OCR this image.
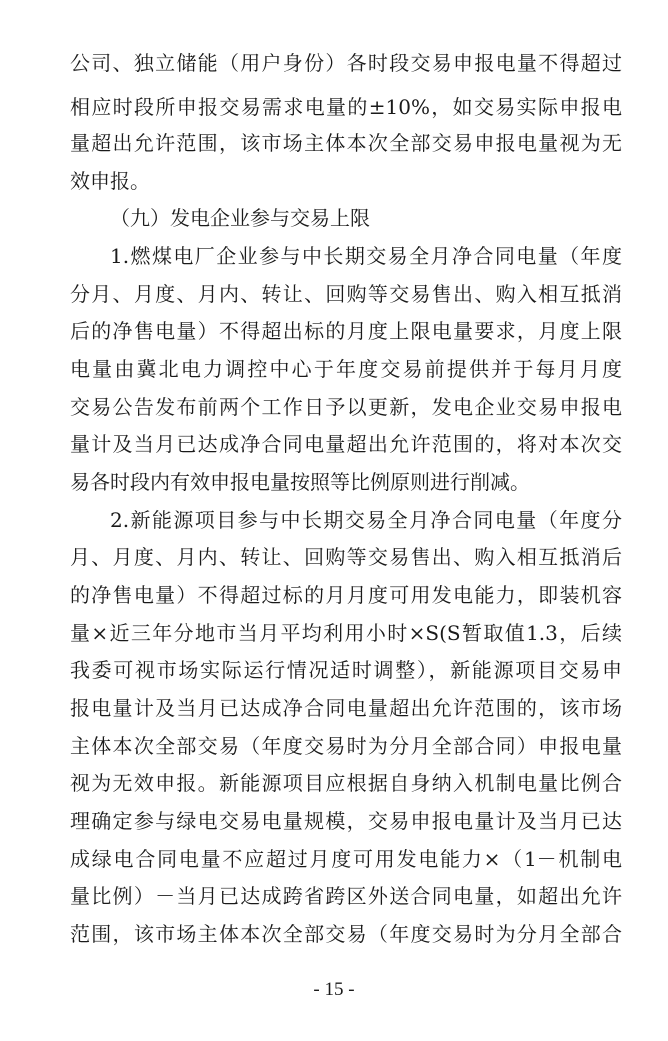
公司、独立储能（用户身份）各时段交易申报电量不得超过
相应时段所申报交易需求电量的±10%，如交易实际申报电
量超出允许范围，该市场主体本次全部交易申报电量视为无
效申报。
（九）发电企业参与交易上限
1.燃煤电厂企业参与中长期交易全月净合同电量（年度
分月、月度、月内、转让、回购等交易售出、购入相互抵消
后的净售电量）不得超出标的月度上限电量要求，月度上限
电量由冀北电力调控中心于年度交易前提供并于每月月度
交易公告发布前两个工作日予以更新，发电企业交易申报电
量计及当月已达成净合同电量超出允许范围的，将对本次交
易各时段内有效申报电量按照等比例原则进行削减。
2.新能源项目参与中长期交易全月净合同电量（年度分
月、月度、月内、转让、回购等交易售出、购入相互抵消后
的净售电量）不得超过标的月月度可用发电能力，即装机容
量×近三年分地市当月平均利用小时×S(S暂取值1.3，后续
我委可视市场实际运行情况适时调整），新能源项目交易申
报电量计及当月已达成净合同电量超出允许范围的，该市场
主体本次全部交易（年度交易时为分月全部合同）申报电量
视为无效申报。新能源项目应根据自身纳入机制电量比例合
理确定参与绿电交易电量规模，交易申报电量计及当月已达
成绿电合同电量不应超过月度可用发电能力×（1－机制电
量比例）－当月已达成跨省跨区外送合同电量，如超出允许
范围，该市场主体本次全部交易（年度交易时为分月全部合
- 15 -
